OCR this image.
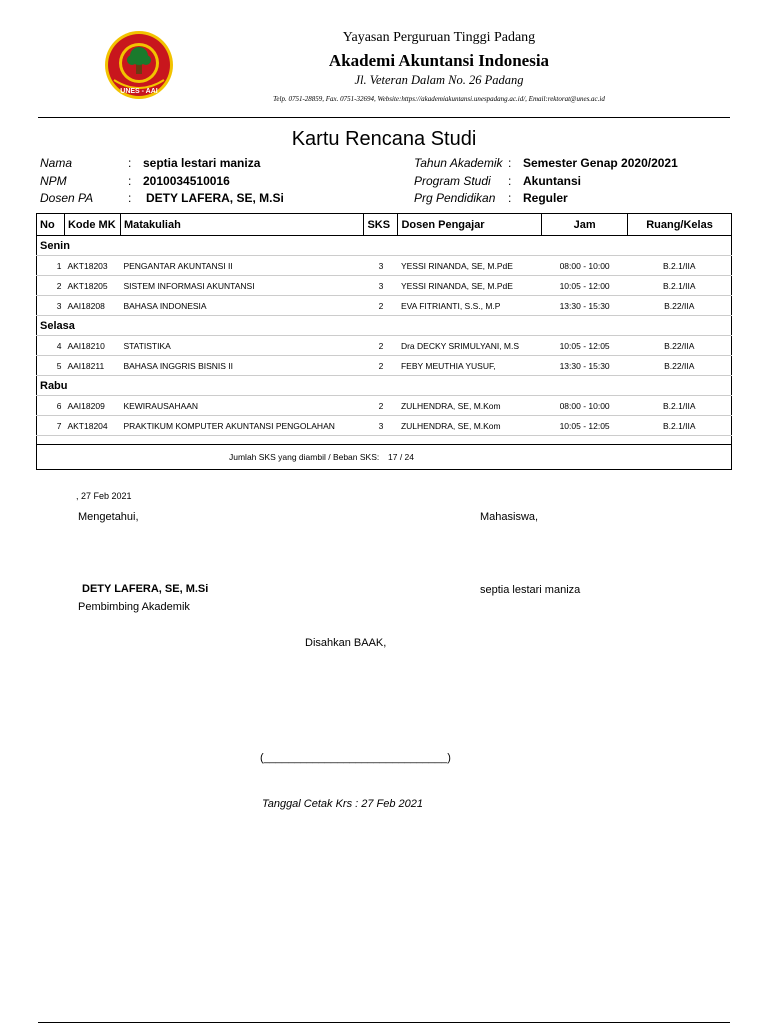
UNES - AAI
Yayasan Perguruan Tinggi Padang
Akademi Akuntansi Indonesia
Jl. Veteran Dalam No. 26 Padang
Telp. 0751-28859, Fax. 0751-32694, Website:https://akademiakuntansi.unespadang.ac.id/, Email:rektorat@unes.ac.id
Kartu Rencana Studi
Nama	: septia lestari maniza
NPM	: 2010034510016
Dosen PA	: DETY LAFERA, SE, M.Si
Tahun Akademik : Semester Genap 2020/2021
Program Studi : Akuntansi
Prg Pendidikan : Reguler
No	Kode MK	Matakuliah	SKS	Dosen Pengajar	Jam	Ruang/Kelas
Senin						
1	AKT18203	PENGANTAR AKUNTANSI II	3	YESSI RINANDA, SE, M.PdE	08:00 - 10:00	B.2.1/IIA
2	AKT18205	SISTEM INFORMASI AKUNTANSI	3	YESSI RINANDA, SE, M.PdE	10:05 - 12:00	B.2.1/IIA
3	AAI18208	BAHASA INDONESIA	2	EVA FITRIANTI, S.S., M.P	13:30 - 15:30	B.22/IIA
Selasa						
4	AAI18210	STATISTIKA	2	Dra DECKY SRIMULYANI, M.S	10:05 - 12:05	B.22/IIA
5	AAI18211	BAHASA INGGRIS BISNIS II	2	FEBY MEUTHIA YUSUF,	13:30 - 15:30	B.22/IIA
Rabu						
6	AAI18209	KEWIRAUSAHAAN	2	ZULHENDRA, SE, M.Kom	08:00 - 10:00	B.2.1/IIA
7	AKT18204	PRAKTIKUM KOMPUTER AKUNTANSI PENGOLAHAN	3	ZULHENDRA, SE, M.Kom	10:05 - 12:05	B.2.1/IIA

Jumlah SKS yang diambil / Beban SKS: 17 / 24						
, 27 Feb 2021
Mengetahui,	Mahasiswa,
DETY LAFERA, SE, M.Si
Pembimbing Akademik
septia lestari maniza
Disahkan BAAK,
(______________________________)
Tanggal Cetak Krs : 27 Feb 2021
